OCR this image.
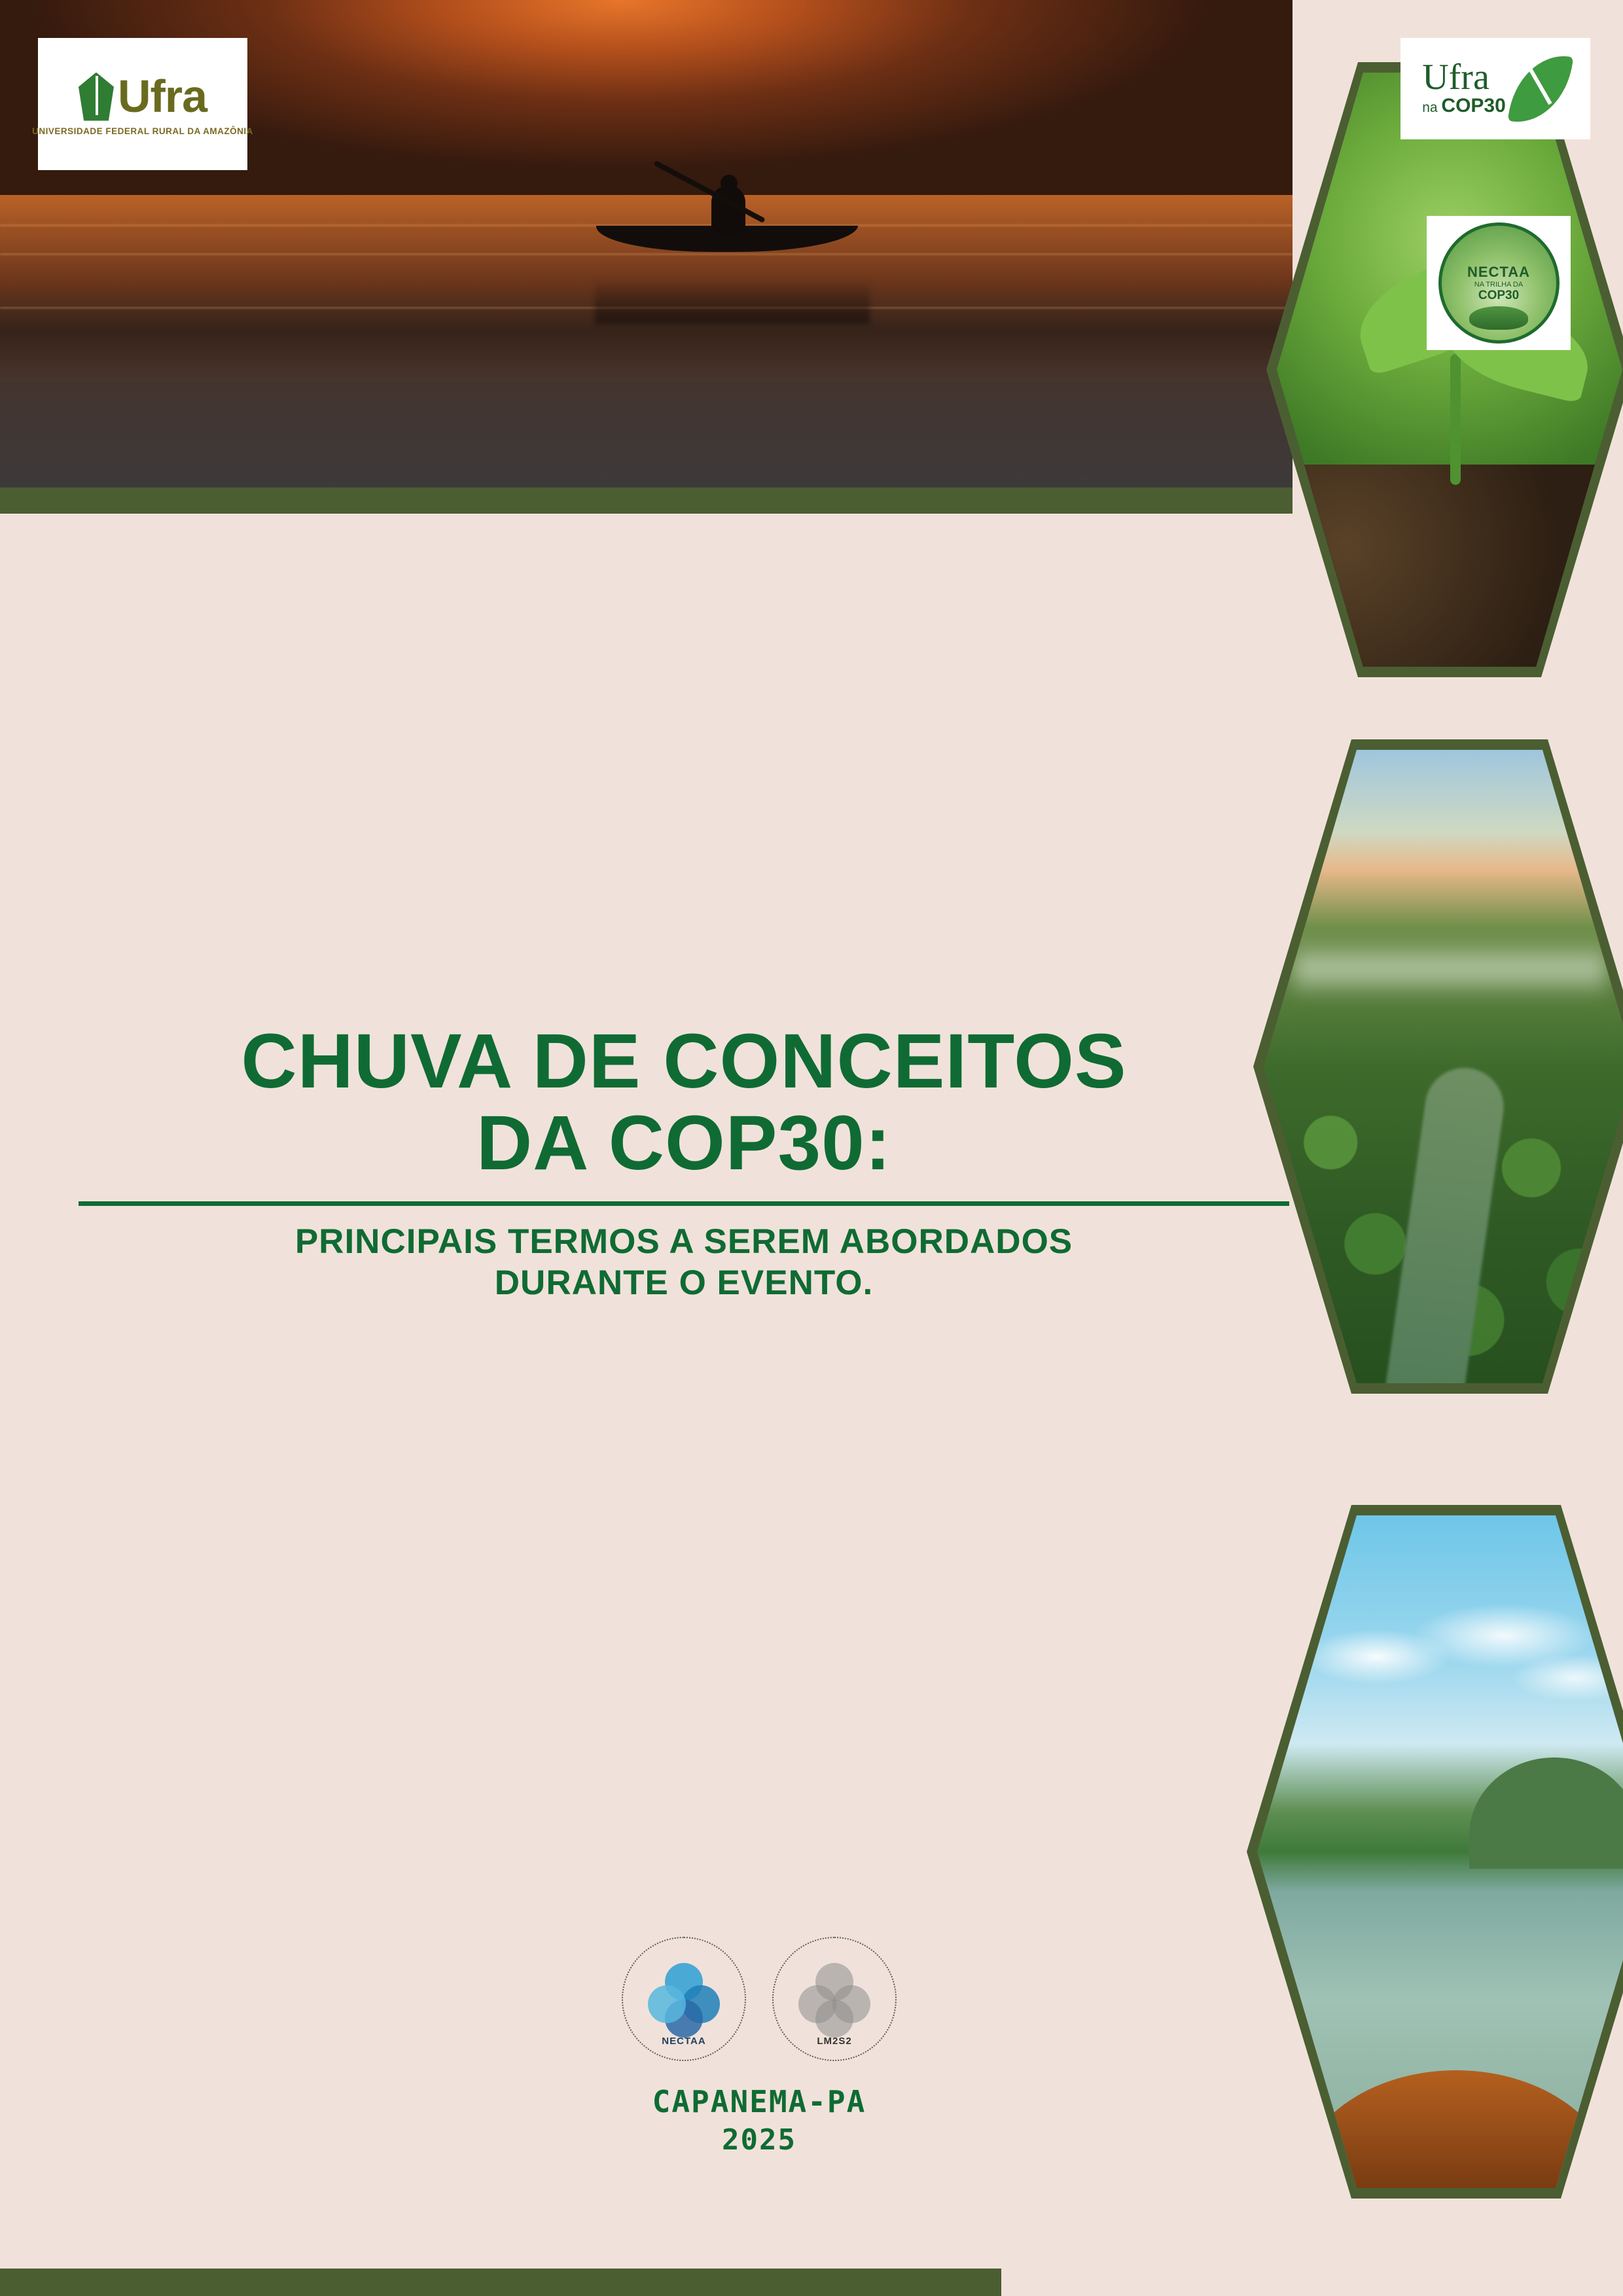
Ufra
UNIVERSIDADE FEDERAL RURAL DA AMAZÔNIA
Ufra
na COP30
NECTAA
NA TRILHA DA
COP30
CHUVA DE CONCEITOS
DA COP30:
PRINCIPAIS TERMOS A SEREM ABORDADOS
DURANTE O EVENTO.
NECTAA	LM2S2
CAPANEMA-PA
2025
